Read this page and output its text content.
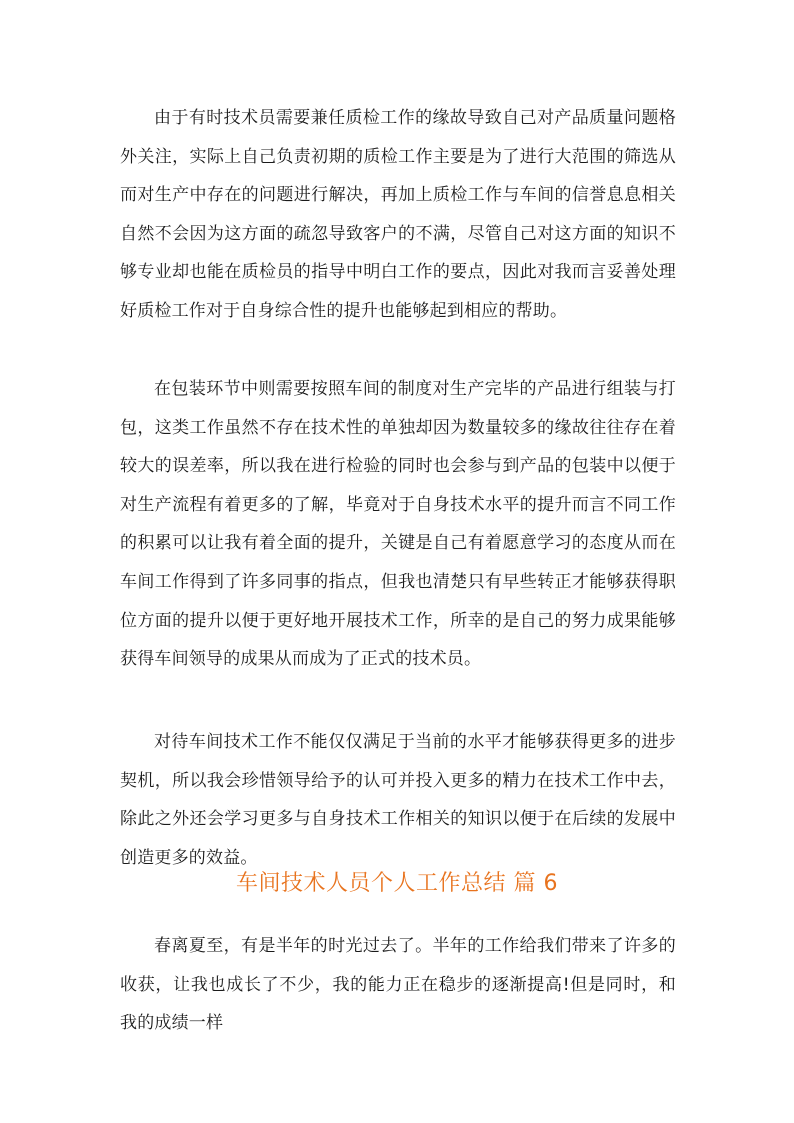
由于有时技术员需要兼任质检工作的缘故导致自己对产品质量问题格外关注，实际上自己负责初期的质检工作主要是为了进行大范围的筛选从而对生产中存在的问题进行解决，再加上质检工作与车间的信誉息息相关自然不会因为这方面的疏忽导致客户的不满，尽管自己对这方面的知识不够专业却也能在质检员的指导中明白工作的要点，因此对我而言妥善处理好质检工作对于自身综合性的提升也能够起到相应的帮助。

在包装环节中则需要按照车间的制度对生产完毕的产品进行组装与打包，这类工作虽然不存在技术性的单独却因为数量较多的缘故往往存在着较大的误差率，所以我在进行检验的同时也会参与到产品的包装中以便于对生产流程有着更多的了解，毕竟对于自身技术水平的提升而言不同工作的积累可以让我有着全面的提升，关键是自己有着愿意学习的态度从而在车间工作得到了许多同事的指点，但我也清楚只有早些转正才能够获得职位方面的提升以便于更好地开展技术工作，所幸的是自己的努力成果能够获得车间领导的成果从而成为了正式的技术员。

对待车间技术工作不能仅仅满足于当前的水平才能够获得更多的进步契机，所以我会珍惜领导给予的认可并投入更多的精力在技术工作中去，除此之外还会学习更多与自身技术工作相关的知识以便于在后续的发展中创造更多的效益。

车间技术人员个人工作总结 篇 6

春离夏至，有是半年的时光过去了。半年的工作给我们带来了许多的收获，让我也成长了不少，我的能力正在稳步的逐渐提高!但是同时，和我的成绩一样
